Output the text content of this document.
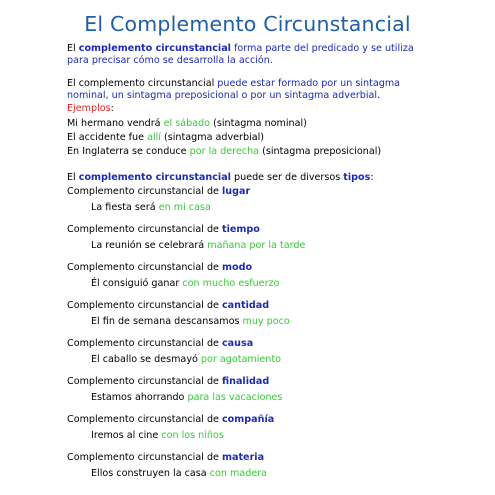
El Complemento Circunstancial
El complemento circunstancial forma parte del predicado y se utiliza
para precisar cómo se desarrolla la acción.
El complemento circunstancial puede estar formado por un sintagma
nominal, un sintagma preposicional o por un sintagma adverbial.
Ejemplos:
Mi hermano vendrá el sábado (sintagma nominal)
El accidente fue allí (sintagma adverbial)
En Inglaterra se conduce por la derecha (sintagma preposicional)
El complemento circunstancial puede ser de diversos tipos:
Complemento circunstancial de lugar
La fiesta será en mi casa
Complemento circunstancial de tiempo
La reunión se celebrará mañana por la tarde
Complemento circunstancial de modo
Él consiguió ganar con mucho esfuerzo
Complemento circunstancial de cantidad
El fin de semana descansamos muy poco
Complemento circunstancial de causa
El caballo se desmayó por agotamiento
Complemento circunstancial de finalidad
Estamos ahorrando para las vacaciones
Complemento circunstancial de compañía
Iremos al cine con los niños
Complemento circunstancial de materia
Ellos construyen la casa con madera
